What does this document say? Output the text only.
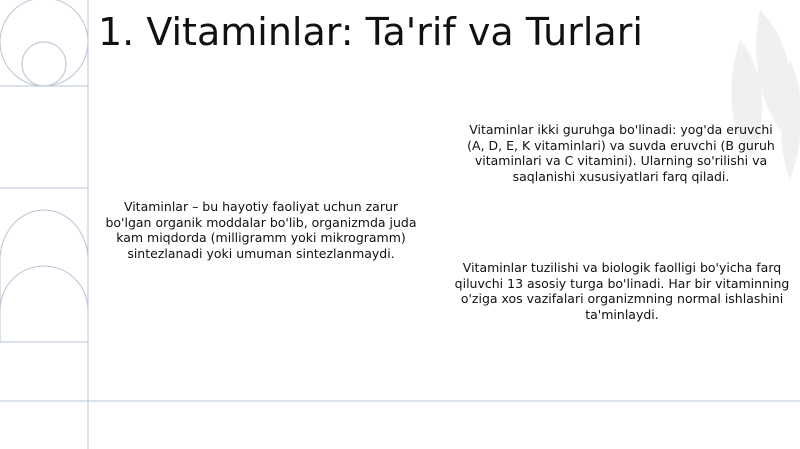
1. Vitaminlar: Ta'rif va Turlari

Vitaminlar – bu hayotiy faoliyat uchun zarur bo'lgan organik moddalar bo'lib, organizmda juda kam miqdorda (milligramm yoki mikrogramm) sintezlanadi yoki umuman sintezlanmaydi.

Vitaminlar ikki guruhga bo'linadi: yog'da eruvchi (A, D, E, K vitaminlari) va suvda eruvchi (B guruh vitaminlari va C vitamini). Ularning so'rilishi va saqlanishi xususiyatlari farq qiladi.

Vitaminlar tuzilishi va biologik faolligi bo'yicha farq qiluvchi 13 asosiy turga bo'linadi. Har bir vitaminning o'ziga xos vazifalari organizmning normal ishlashini ta'minlaydi.
